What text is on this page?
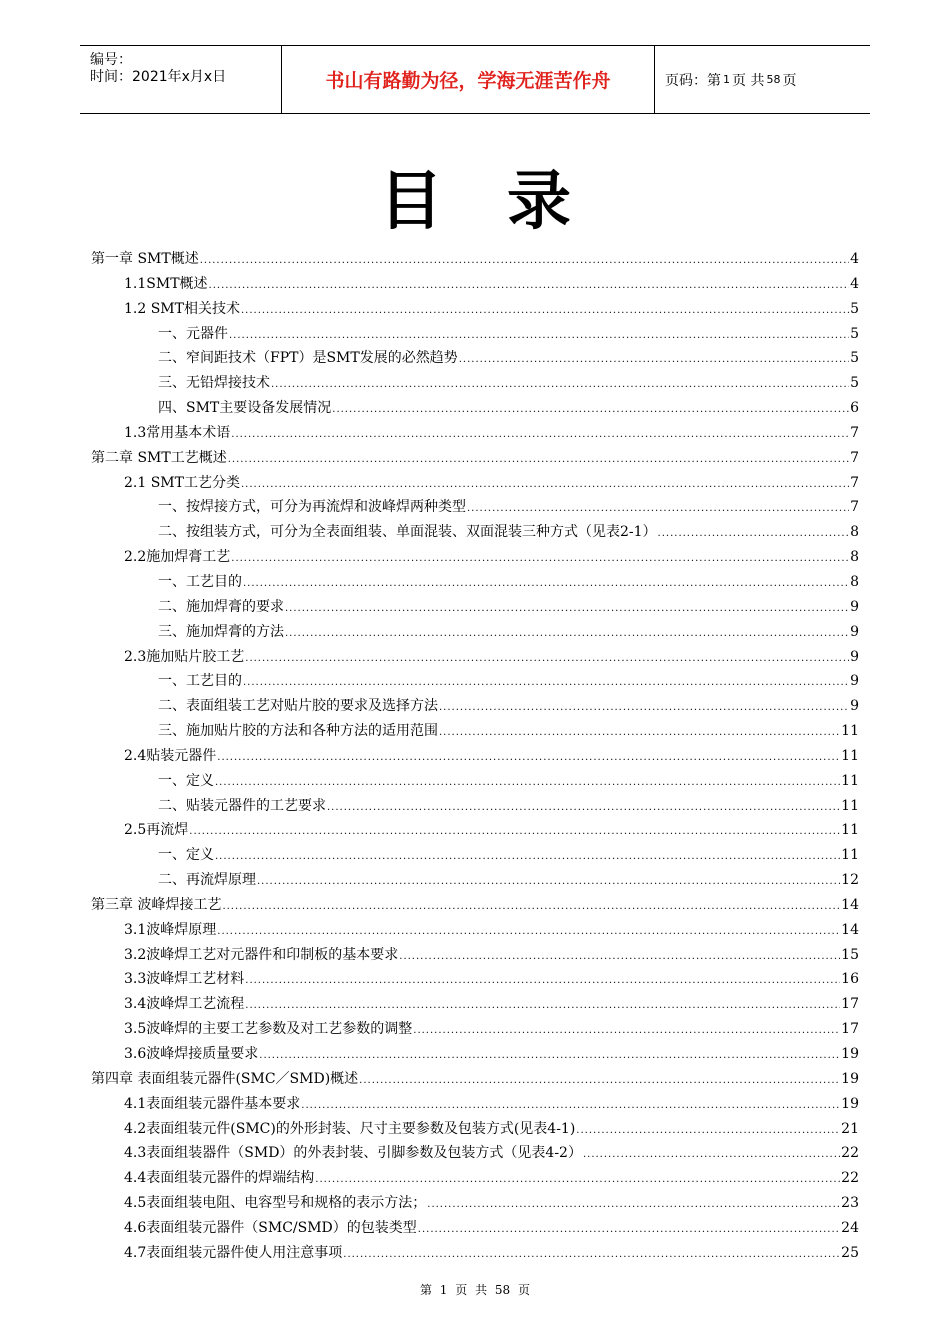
编号：
时间：2021年x月x日	书山有路勤为径，学海无涯苦作舟	页码：第 1 页 共 58 页
目录
第一章 SMT概述 .....	4
1.1SMT概述 .....	4
1.2 SMT相关技术 .....	5
一、元器件 .....	5
二、窄间距技术（FPT）是SMT发展的必然趋势 .....	5
三、无铅焊接技术 .....	5
四、SMT主要设备发展情况 .....	6
1.3常用基本术语 .....	7
第二章 SMT工艺概述 .....	7
2.1 SMT工艺分类 .....	7
一、按焊接方式，可分为再流焊和波峰焊两种类型 .....	7
二、按组装方式，可分为全表面组装、单面混装、双面混装三种方式（见表2-1） .....	8
2.2施加焊膏工艺 .....	8
一、工艺目的 .....	8
二、施加焊膏的要求 .....	9
三、施加焊膏的方法 .....	9
2.3施加贴片胶工艺 .....	9
一、工艺目的 .....	9
二、表面组装工艺对贴片胶的要求及选择方法 .....	9
三、施加贴片胶的方法和各种方法的适用范围 .....	11
2.4贴装元器件 .....	11
一、定义 .....	11
二、贴装元器件的工艺要求 .....	11
2.5再流焊 .....	11
一、定义 .....	11
二、再流焊原理 .....	12
第三章 波峰焊接工艺 .....	14
3.1波峰焊原理 .....	14
3.2波峰焊工艺对元器件和印制板的基本要求 .....	15
3.3波峰焊工艺材料 .....	16
3.4波峰焊工艺流程 .....	17
3.5波峰焊的主要工艺参数及对工艺参数的调整 .....	17
3.6波峰焊接质量要求 .....	19
第四章 表面组装元器件(SMC／SMD)概述 .....	19
4.1表面组装元器件基本要求 .....	19
4.2表面组装元件(SMC)的外形封装、尺寸主要参数及包装方式(见表4-1) .....	21
4.3表面组装器件（SMD）的外表封装、引脚参数及包装方式（见表4-2） .....	22
4.4表面组装元器件的焊端结构 .....	22
4.5表面组装电阻、电容型号和规格的表示方法； .....	23
4.6表面组装元器件（SMC/SMD）的包装类型 .....	24
4.7表面组装元器件使人用注意事项 .....	25
第 1 页 共 58 页
